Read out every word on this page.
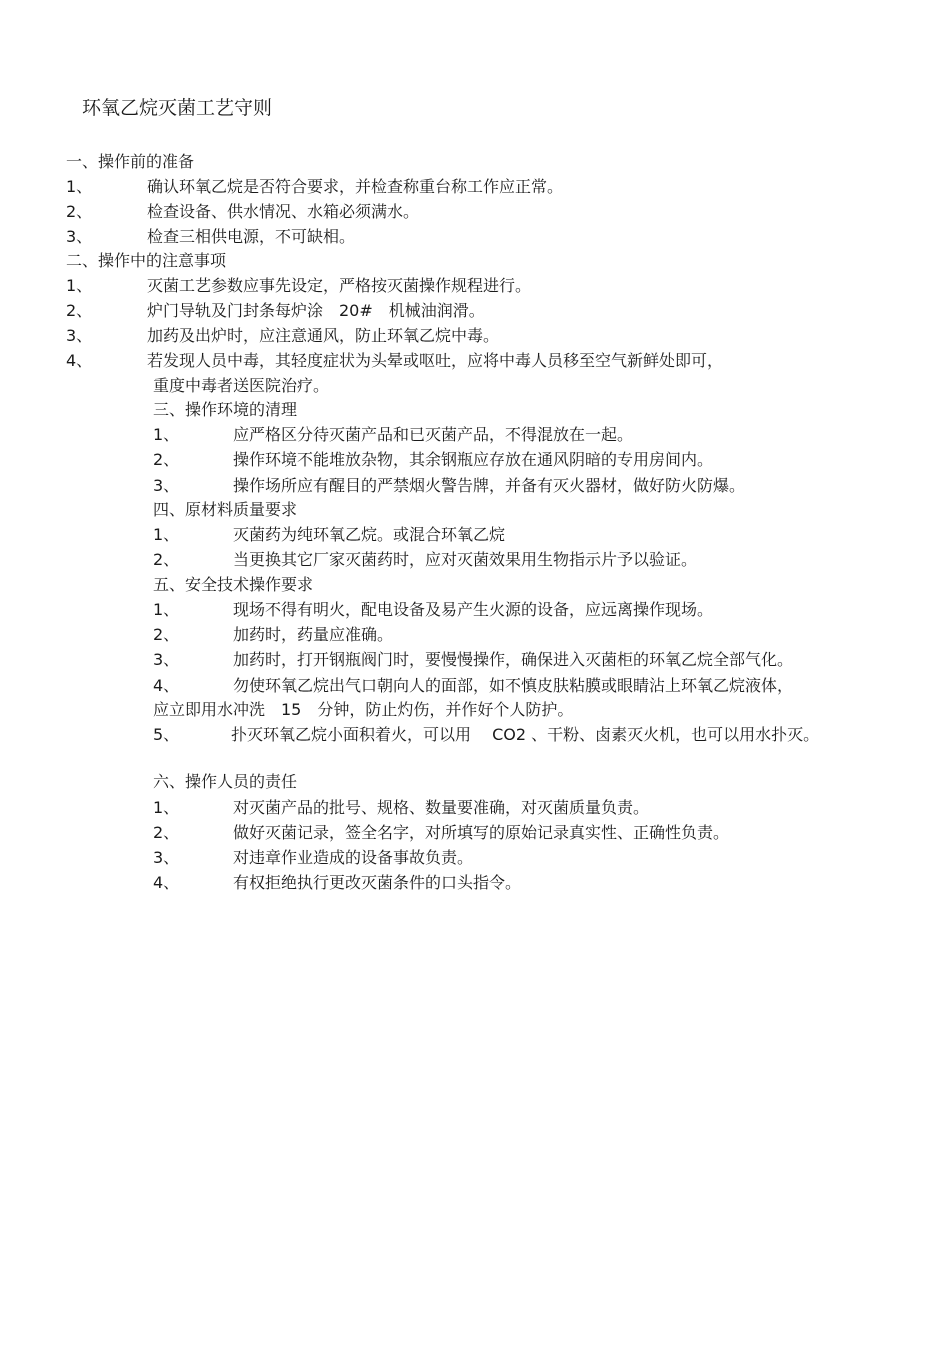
环氧乙烷灭菌工艺守则
一、操作前的准备
1、	确认环氧乙烷是否符合要求，并检查称重台称工作应正常。
2、	检查设备、供水情况、水箱必须满水。
3、	检查三相供电源，不可缺相。
二、操作中的注意事项
1、	灭菌工艺参数应事先设定，严格按灭菌操作规程进行。
2、	炉门导轨及门封条每炉涂　20#　机械油润滑。
3、	加药及出炉时，应注意通风，防止环氧乙烷中毒。
4、	若发现人员中毒，其轻度症状为头晕或呕吐，应将中毒人员移至空气新鲜处即可，
重度中毒者送医院治疗。
三、操作环境的清理
1、	应严格区分待灭菌产品和已灭菌产品，不得混放在一起。
2、	操作环境不能堆放杂物，其余钢瓶应存放在通风阴暗的专用房间内。
3、	操作场所应有醒目的严禁烟火警告牌，并备有灭火器材，做好防火防爆。
四、原材料质量要求
1、	灭菌药为纯环氧乙烷。或混合环氧乙烷
2、	当更换其它厂家灭菌药时，应对灭菌效果用生物指示片予以验证。
五、安全技术操作要求
1、	现场不得有明火，配电设备及易产生火源的设备，应远离操作现场。
2、	加药时，药量应准确。
3、	加药时，打开钢瓶阀门时，要慢慢操作，确保进入灭菌柜的环氧乙烷全部气化。
4、	勿使环氧乙烷出气口朝向人的面部，如不慎皮肤粘膜或眼睛沾上环氧乙烷液体，
应立即用水冲洗　15　分钟，防止灼伤，并作好个人防护。
5、	扑灭环氧乙烷小面积着火，可以用　 CO2 、干粉、卤素灭火机，也可以用水扑灭。
六、操作人员的责任
1、	对灭菌产品的批号、规格、数量要准确，对灭菌质量负责。
2、	做好灭菌记录，签全名字，对所填写的原始记录真实性、正确性负责。
3、	对违章作业造成的设备事故负责。
4、	有权拒绝执行更改灭菌条件的口头指令。
